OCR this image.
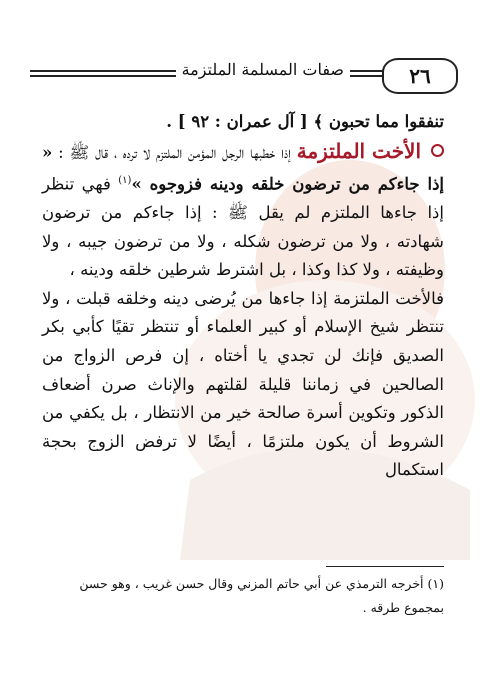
صفات المسلمة الملتزمة	٢٦

تنفقوا مما تحبون ﴾ [ آل عمران : ٩٢ ] .

الأخت الملتزمة
إذا خطبها الرجل المؤمن الملتزم لا ترده ، قال ﷺ : « إذا جاءكم من ترضون خلقه ودينه فزوجوه »$^{(١)}$ فهي تنظر إذا جاءها الملتزم لم يقل ﷺ : إذا جاءكم من ترضون شهادته ، ولا من ترضون شكله ، ولا من ترضون جيبه ، ولا وظيفته ، ولا كذا وكذا ، بل اشترط شرطين خلقه ودينه ،

فالأخت الملتزمة إذا جاءها من يُرضى دينه وخلقه قبلت ، ولا تنتظر شيخ الإسلام أو كبير العلماء أو تنتظر تقيًا كأبي بكر الصديق فإنك لن تجدي يا أختاه ، إن فرص الزواج من الصالحين في زماننا قليلة لقلتهم والإناث صرن أضعاف الذكور وتكوين أسرة صالحة خير من الانتظار ، بل يكفي من الشروط أن يكون ملتزمًا ، أيضًا لا ترفض الزوج بحجة استكمال

(١) أخرجه الترمذي عن أبي حاتم المزني وقال حسن غريب ، وهو حسن بمجموع طرقه .
